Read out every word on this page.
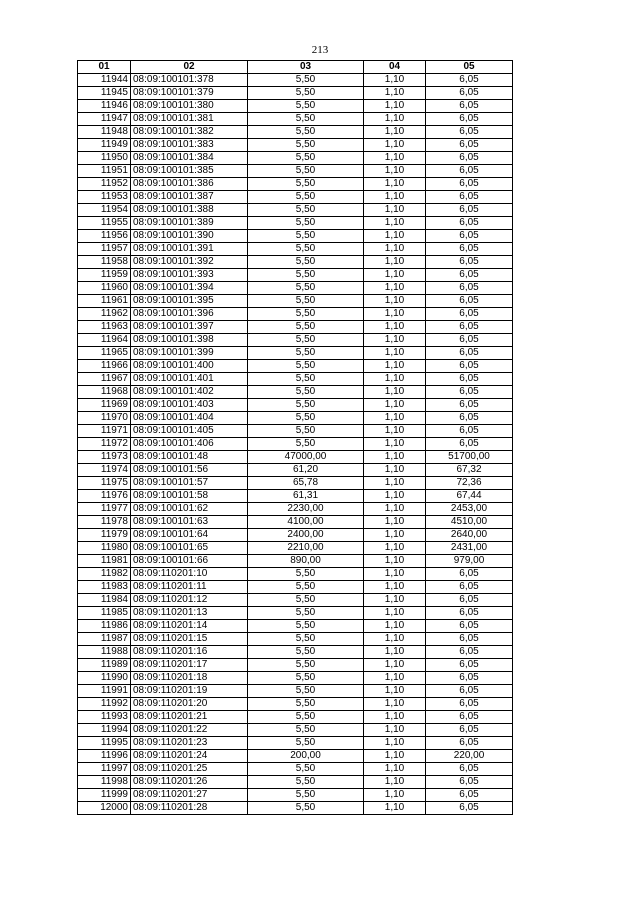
213
01	02	03	04	05
11944	08:09:100101:378	5,50	1,10	6,05
11945	08:09:100101:379	5,50	1,10	6,05
11946	08:09:100101:380	5,50	1,10	6,05
11947	08:09:100101:381	5,50	1,10	6,05
11948	08:09:100101:382	5,50	1,10	6,05
11949	08:09:100101:383	5,50	1,10	6,05
11950	08:09:100101:384	5,50	1,10	6,05
11951	08:09:100101:385	5,50	1,10	6,05
11952	08:09:100101:386	5,50	1,10	6,05
11953	08:09:100101:387	5,50	1,10	6,05
11954	08:09:100101:388	5,50	1,10	6,05
11955	08:09:100101:389	5,50	1,10	6,05
11956	08:09:100101:390	5,50	1,10	6,05
11957	08:09:100101:391	5,50	1,10	6,05
11958	08:09:100101:392	5,50	1,10	6,05
11959	08:09:100101:393	5,50	1,10	6,05
11960	08:09:100101:394	5,50	1,10	6,05
11961	08:09:100101:395	5,50	1,10	6,05
11962	08:09:100101:396	5,50	1,10	6,05
11963	08:09:100101:397	5,50	1,10	6,05
11964	08:09:100101:398	5,50	1,10	6,05
11965	08:09:100101:399	5,50	1,10	6,05
11966	08:09:100101:400	5,50	1,10	6,05
11967	08:09:100101:401	5,50	1,10	6,05
11968	08:09:100101:402	5,50	1,10	6,05
11969	08:09:100101:403	5,50	1,10	6,05
11970	08:09:100101:404	5,50	1,10	6,05
11971	08:09:100101:405	5,50	1,10	6,05
11972	08:09:100101:406	5,50	1,10	6,05
11973	08:09:100101:48	47000,00	1,10	51700,00
11974	08:09:100101:56	61,20	1,10	67,32
11975	08:09:100101:57	65,78	1,10	72,36
11976	08:09:100101:58	61,31	1,10	67,44
11977	08:09:100101:62	2230,00	1,10	2453,00
11978	08:09:100101:63	4100,00	1,10	4510,00
11979	08:09:100101:64	2400,00	1,10	2640,00
11980	08:09:100101:65	2210,00	1,10	2431,00
11981	08:09:100101:66	890,00	1,10	979,00
11982	08:09:110201:10	5,50	1,10	6,05
11983	08:09:110201:11	5,50	1,10	6,05
11984	08:09:110201:12	5,50	1,10	6,05
11985	08:09:110201:13	5,50	1,10	6,05
11986	08:09:110201:14	5,50	1,10	6,05
11987	08:09:110201:15	5,50	1,10	6,05
11988	08:09:110201:16	5,50	1,10	6,05
11989	08:09:110201:17	5,50	1,10	6,05
11990	08:09:110201:18	5,50	1,10	6,05
11991	08:09:110201:19	5,50	1,10	6,05
11992	08:09:110201:20	5,50	1,10	6,05
11993	08:09:110201:21	5,50	1,10	6,05
11994	08:09:110201:22	5,50	1,10	6,05
11995	08:09:110201:23	5,50	1,10	6,05
11996	08:09:110201:24	200,00	1,10	220,00
11997	08:09:110201:25	5,50	1,10	6,05
11998	08:09:110201:26	5,50	1,10	6,05
11999	08:09:110201:27	5,50	1,10	6,05
12000	08:09:110201:28	5,50	1,10	6,05
